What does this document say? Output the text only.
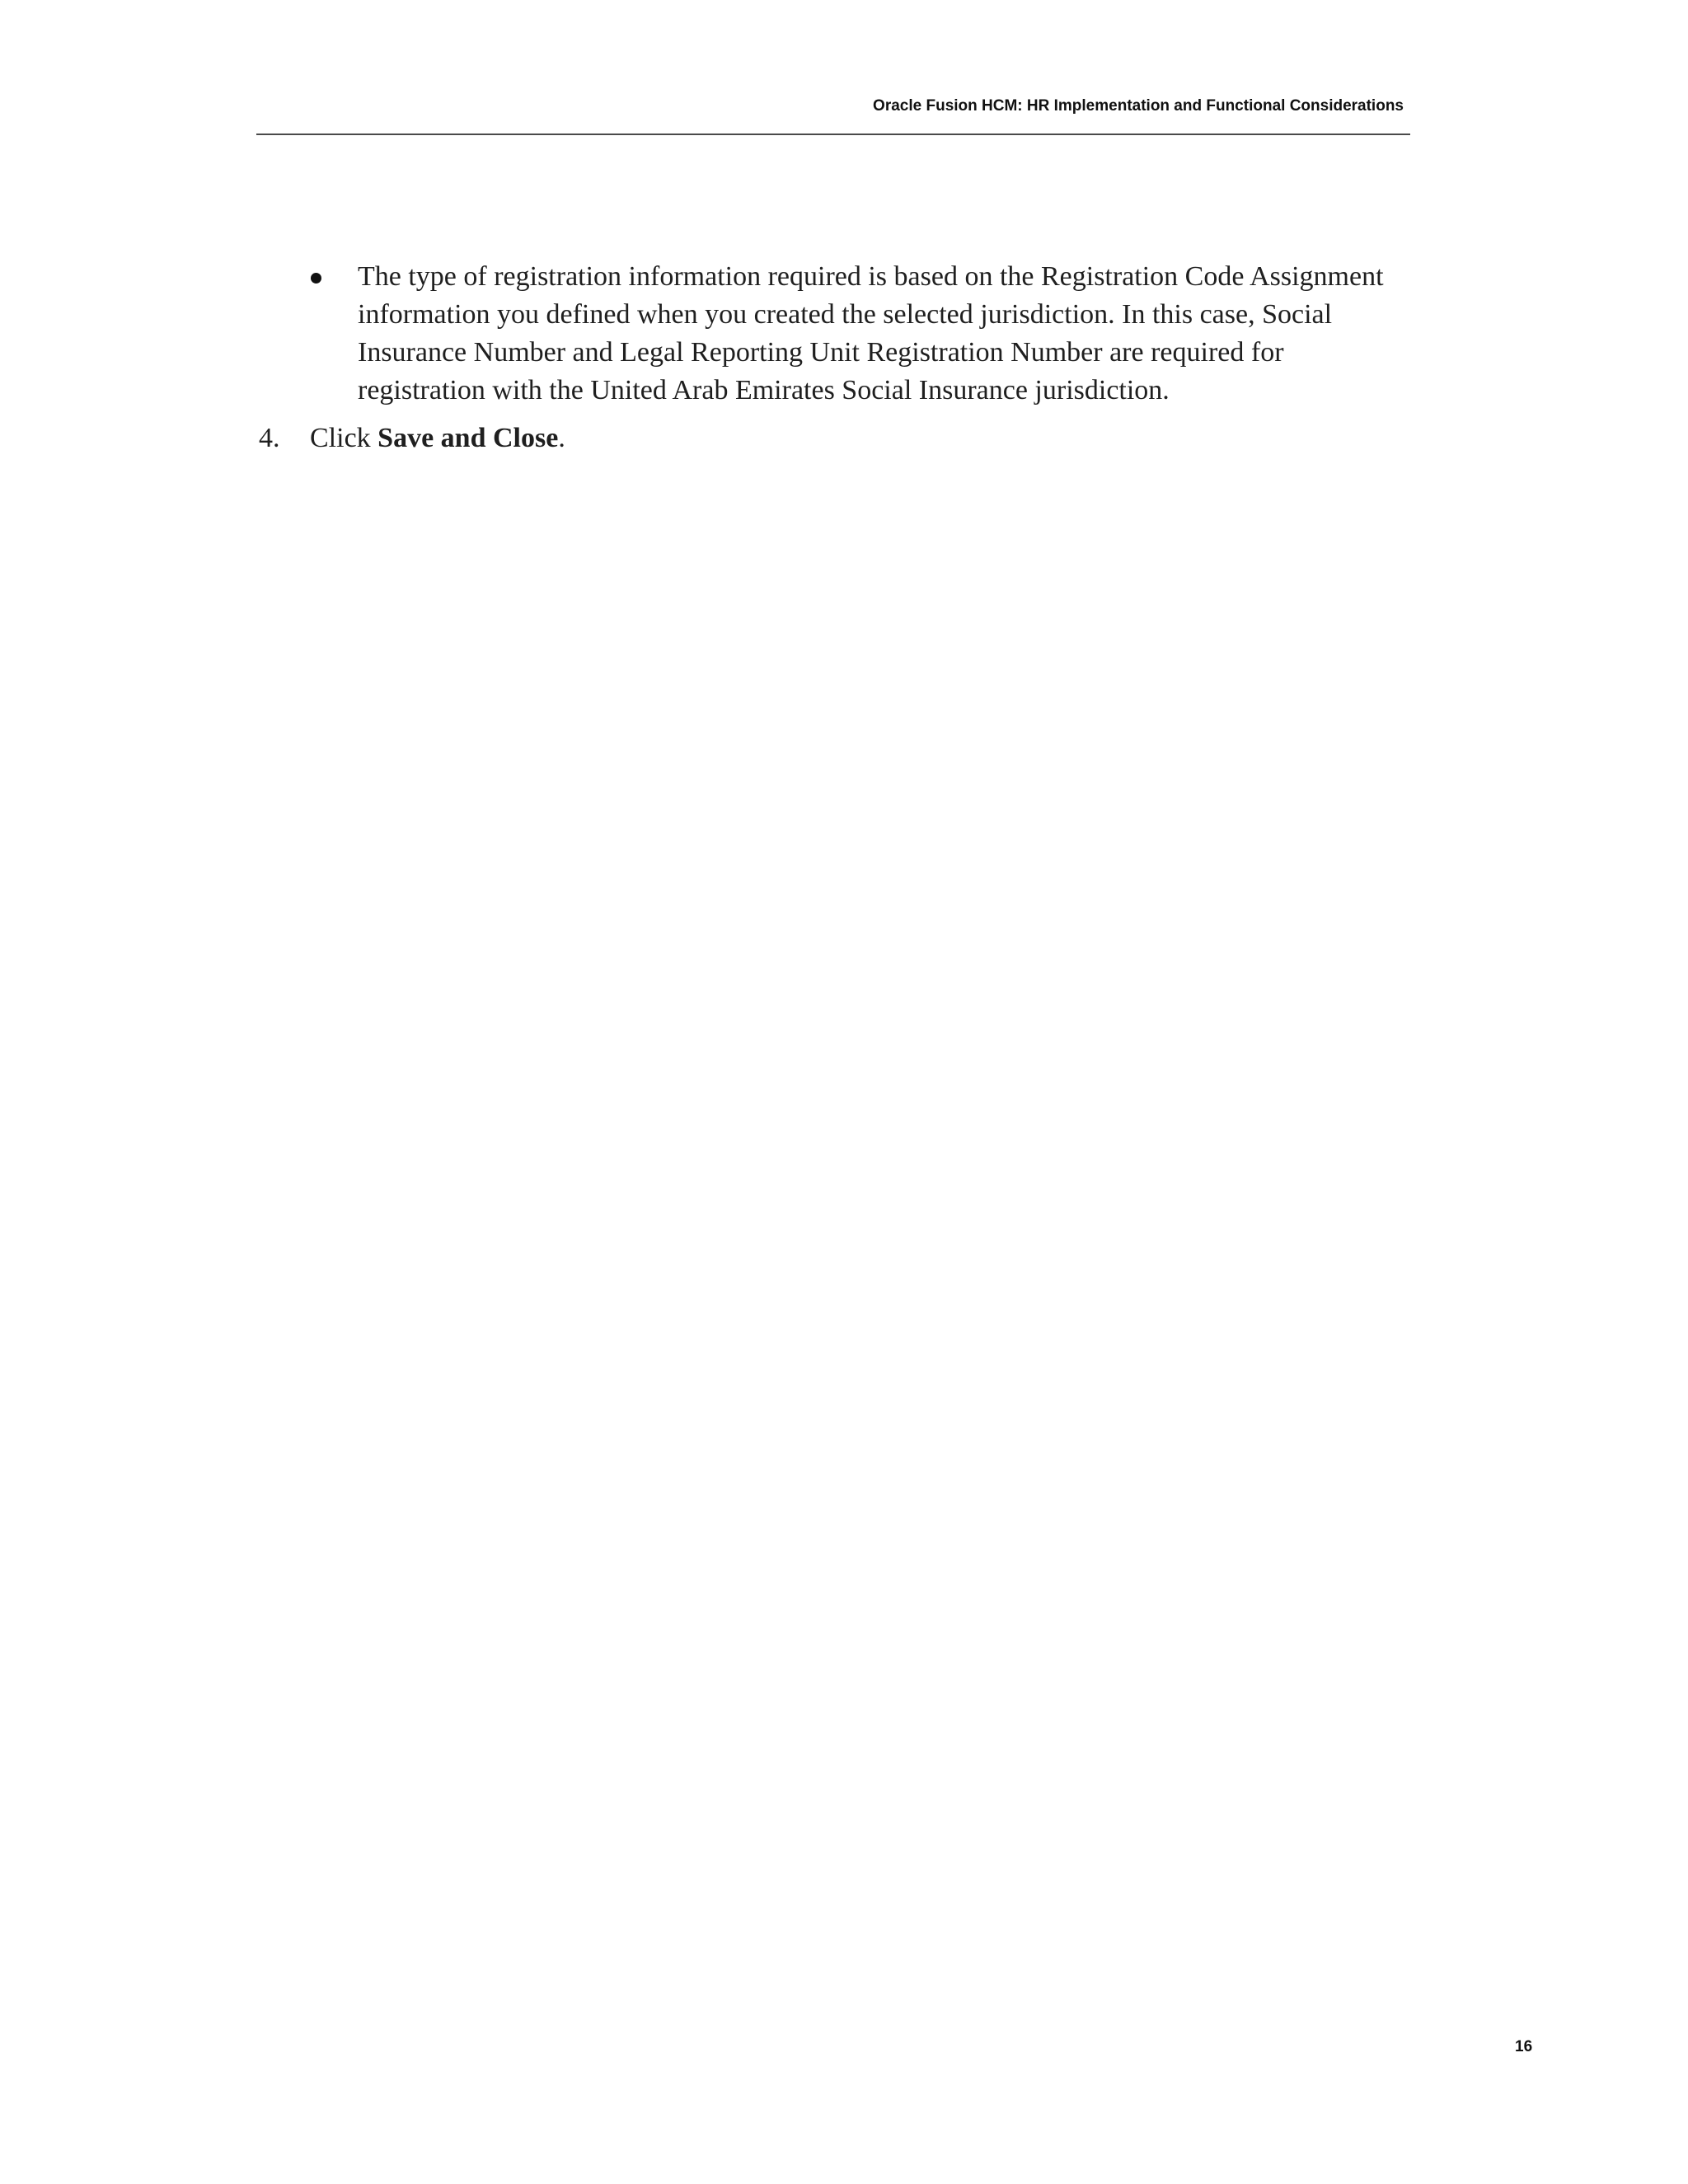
Oracle Fusion HCM: HR Implementation and Functional Considerations
The type of registration information required is based on the Registration Code Assignment
information you defined when you created the selected jurisdiction. In this case, Social
Insurance Number and Legal Reporting Unit Registration Number are required for
registration with the United Arab Emirates Social Insurance jurisdiction.
4. Click Save and Close.
16
